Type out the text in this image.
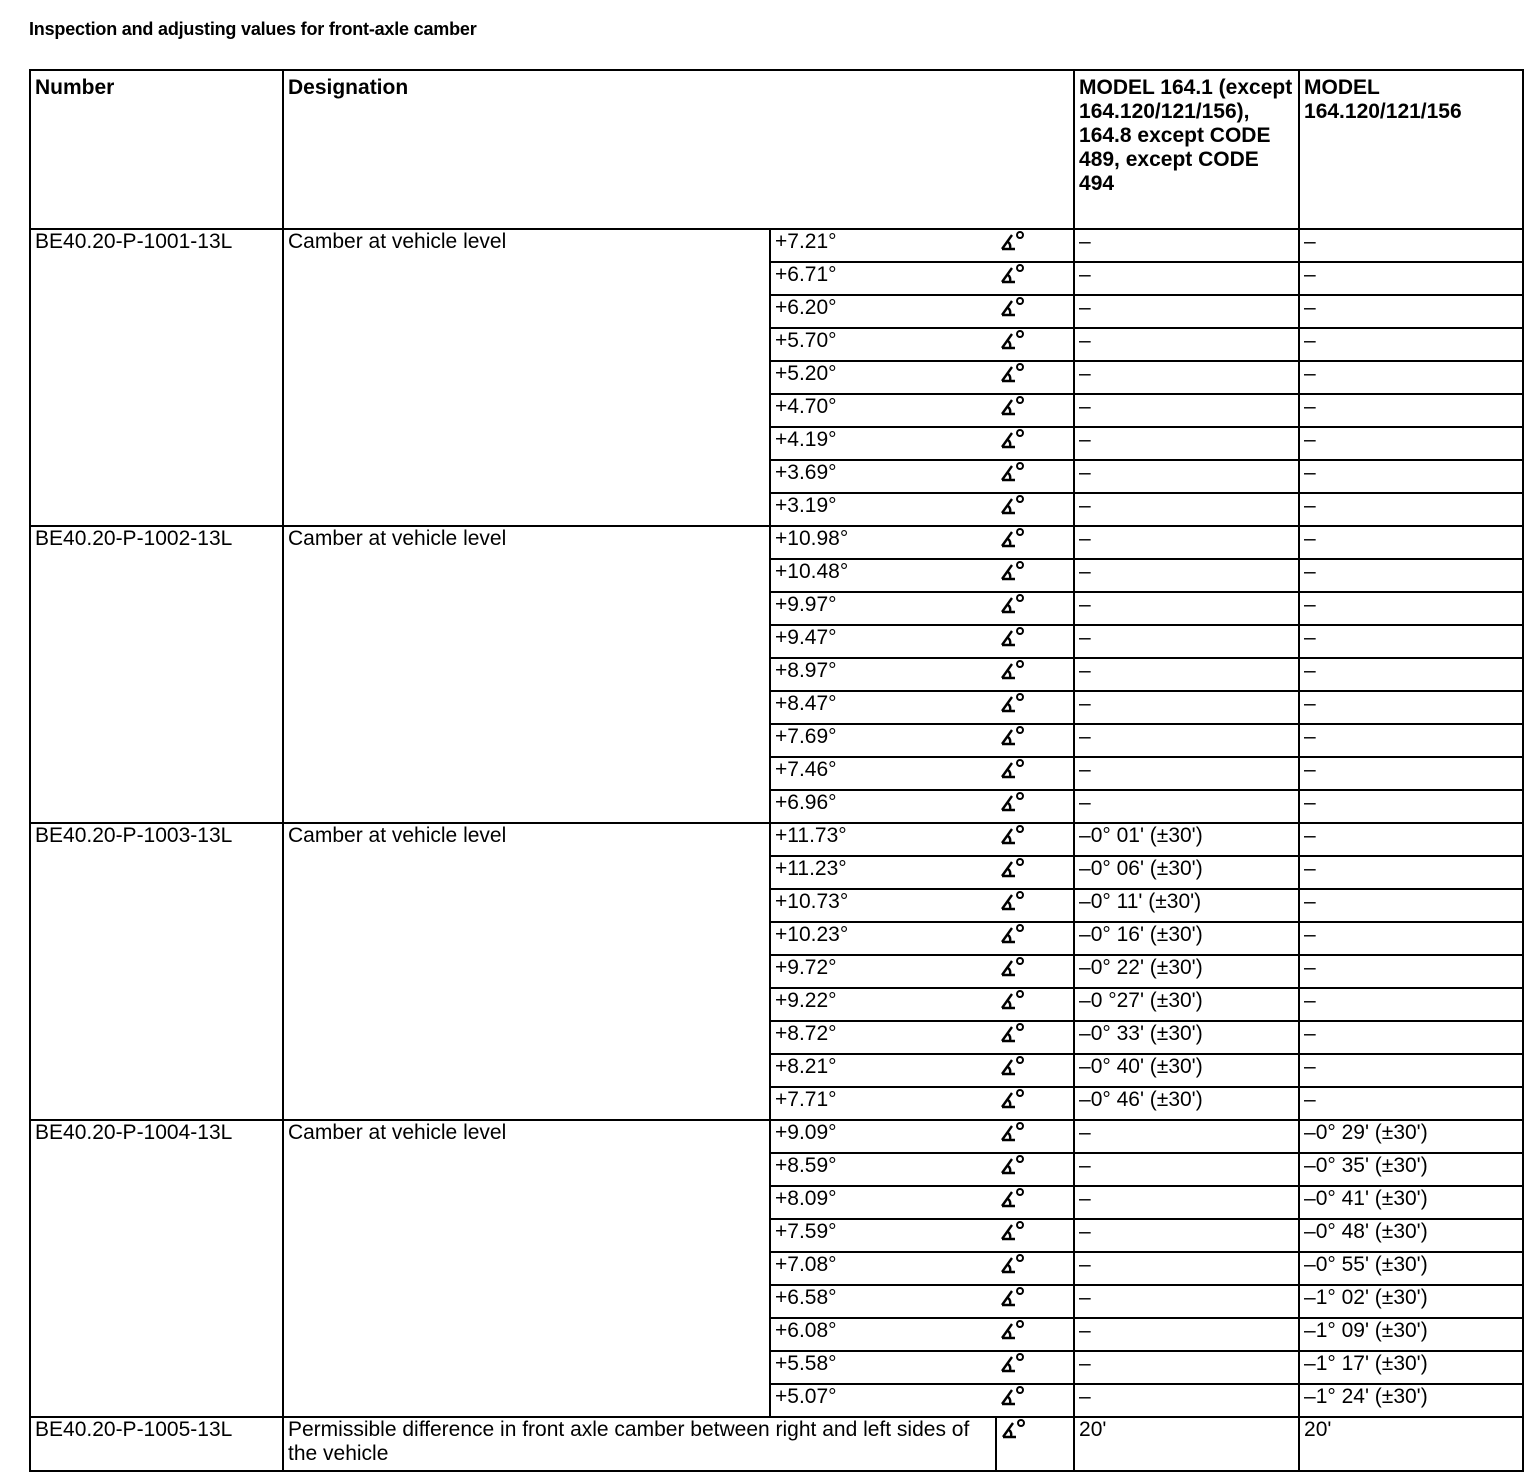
Inspection and adjusting values for front-axle camber
Number	Designation			MODEL 164.1 (except 164.120/121/156), 164.8 except CODE 489, except CODE 494	MODEL 164.120/121/156
BE40.20-P-1001-13L	Camber at vehicle level	+7.21°		–	–
		+6.71°		–	–
		+6.20°		–	–
		+5.70°		–	–
		+5.20°		–	–
		+4.70°		–	–
		+4.19°		–	–
		+3.69°		–	–
		+3.19°		–	–
BE40.20-P-1002-13L	Camber at vehicle level	+10.98°		–	–
		+10.48°		–	–
		+9.97°		–	–
		+9.47°		–	–
		+8.97°		–	–
		+8.47°		–	–
		+7.69°		–	–
		+7.46°		–	–
		+6.96°		–	–
BE40.20-P-1003-13L	Camber at vehicle level	+11.73°		–0° 01' (±30')	–
		+11.23°		–0° 06' (±30')	–
		+10.73°		–0° 11' (±30')	–
		+10.23°		–0° 16' (±30')	–
		+9.72°		–0° 22' (±30')	–
		+9.22°		–0 °27' (±30')	–
		+8.72°		–0° 33' (±30')	–
		+8.21°		–0° 40' (±30')	–
		+7.71°		–0° 46' (±30')	–
BE40.20-P-1004-13L	Camber at vehicle level	+9.09°		–	–0° 29' (±30')
		+8.59°		–	–0° 35' (±30')
		+8.09°		–	–0° 41' (±30')
		+7.59°		–	–0° 48' (±30')
		+7.08°		–	–0° 55' (±30')
		+6.58°		–	–1° 02' (±30')
		+6.08°		–	–1° 09' (±30')
		+5.58°		–	–1° 17' (±30')
		+5.07°		–	–1° 24' (±30')
BE40.20-P-1005-13L	Permissible difference in front axle camber between right and left sides of the vehicle			20'	20'
